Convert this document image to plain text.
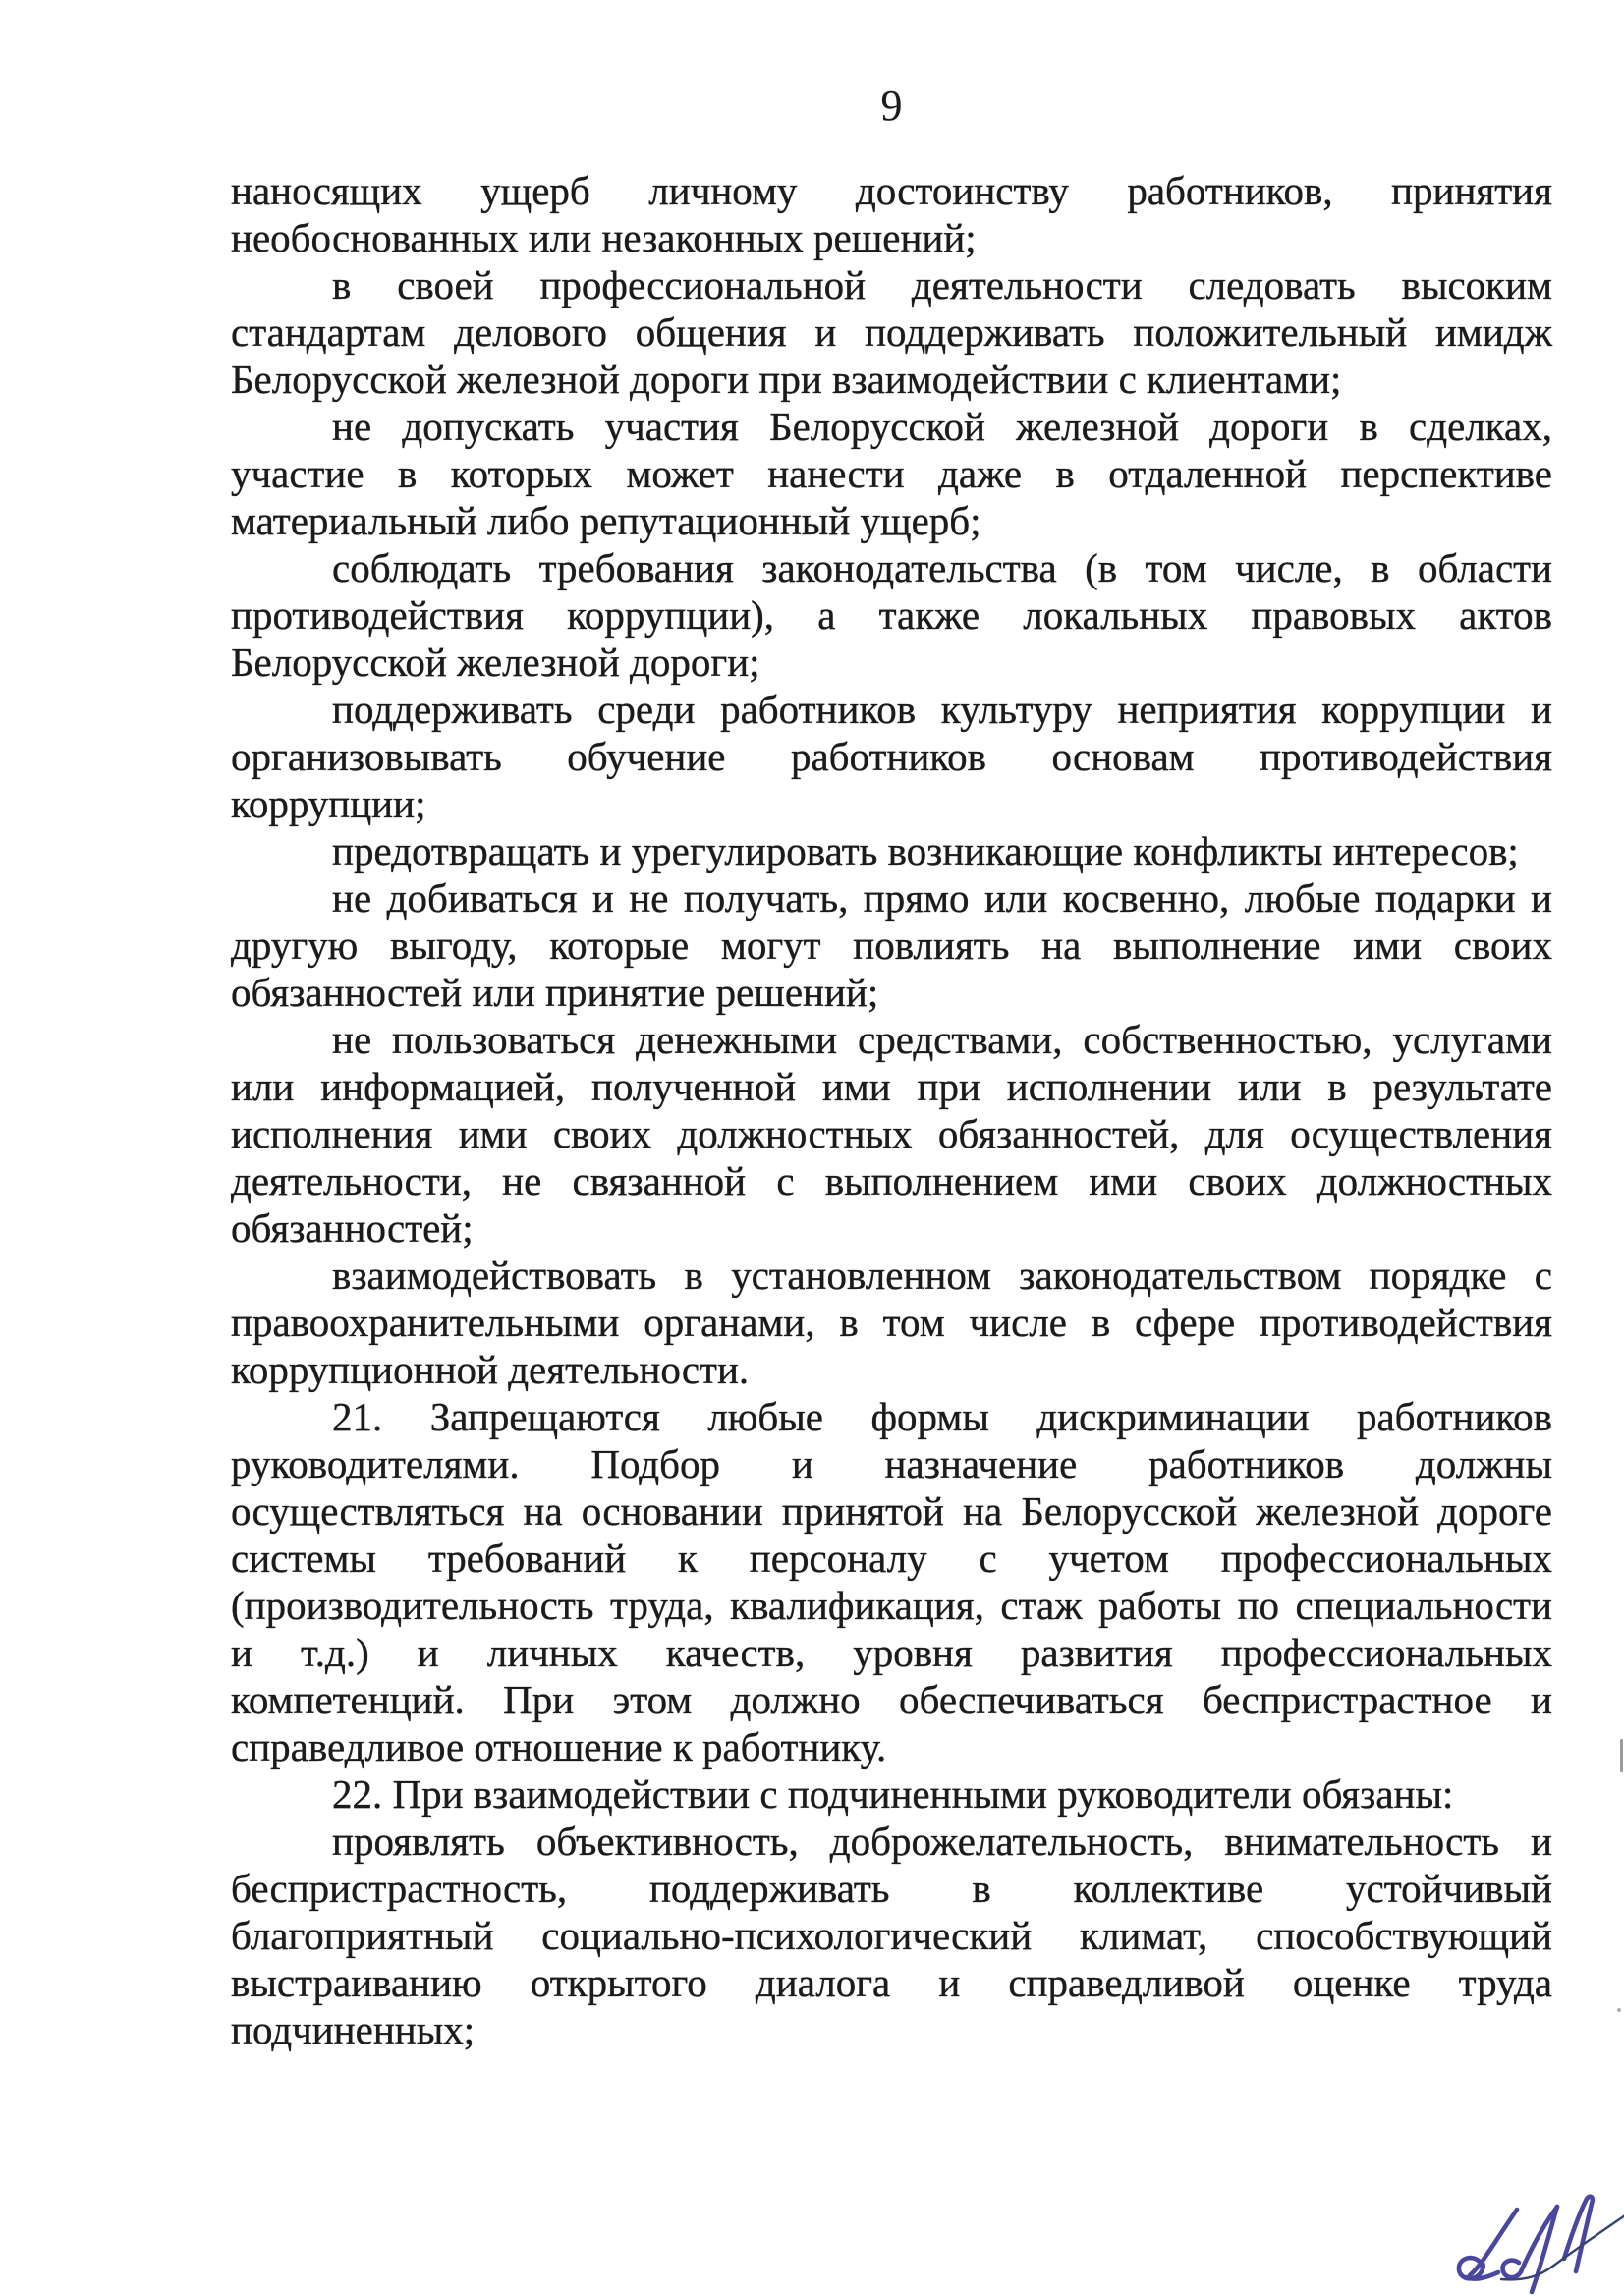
9
наносящих ущерб личному достоинству работников, принятия
необоснованных или незаконных решений;
в своей профессиональной деятельности следовать высоким
стандартам делового общения и поддерживать положительный имидж
Белорусской железной дороги при взаимодействии с клиентами;
не допускать участия Белорусской железной дороги в сделках,
участие в которых может нанести даже в отдаленной перспективе
материальный либо репутационный ущерб;
соблюдать требования законодательства (в том числе, в области
противодействия коррупции), а также локальных правовых актов
Белорусской железной дороги;
поддерживать среди работников культуру неприятия коррупции и
организовывать обучение работников основам противодействия
коррупции;
предотвращать и урегулировать возникающие конфликты интересов;
не добиваться и не получать, прямо или косвенно, любые подарки и
другую выгоду, которые могут повлиять на выполнение ими своих
обязанностей или принятие решений;
не пользоваться денежными средствами, собственностью, услугами
или информацией, полученной ими при исполнении или в результате
исполнения ими своих должностных обязанностей, для осуществления
деятельности, не связанной с выполнением ими своих должностных
обязанностей;
взаимодействовать в установленном законодательством порядке с
правоохранительными органами, в том числе в сфере противодействия
коррупционной деятельности.
21. Запрещаются любые формы дискриминации работников
руководителями. Подбор и назначение работников должны
осуществляться на основании принятой на Белорусской железной дороге
системы требований к персоналу с учетом профессиональных
(производительность труда, квалификация, стаж работы по специальности
и т.д.) и личных качеств, уровня развития профессиональных
компетенций. При этом должно обеспечиваться беспристрастное и
справедливое отношение к работнику.
22. При взаимодействии с подчиненными руководители обязаны:
проявлять объективность, доброжелательность, внимательность и
беспристрастность, поддерживать в коллективе устойчивый
благоприятный социально-психологический климат, способствующий
выстраиванию открытого диалога и справедливой оценке труда
подчиненных;
